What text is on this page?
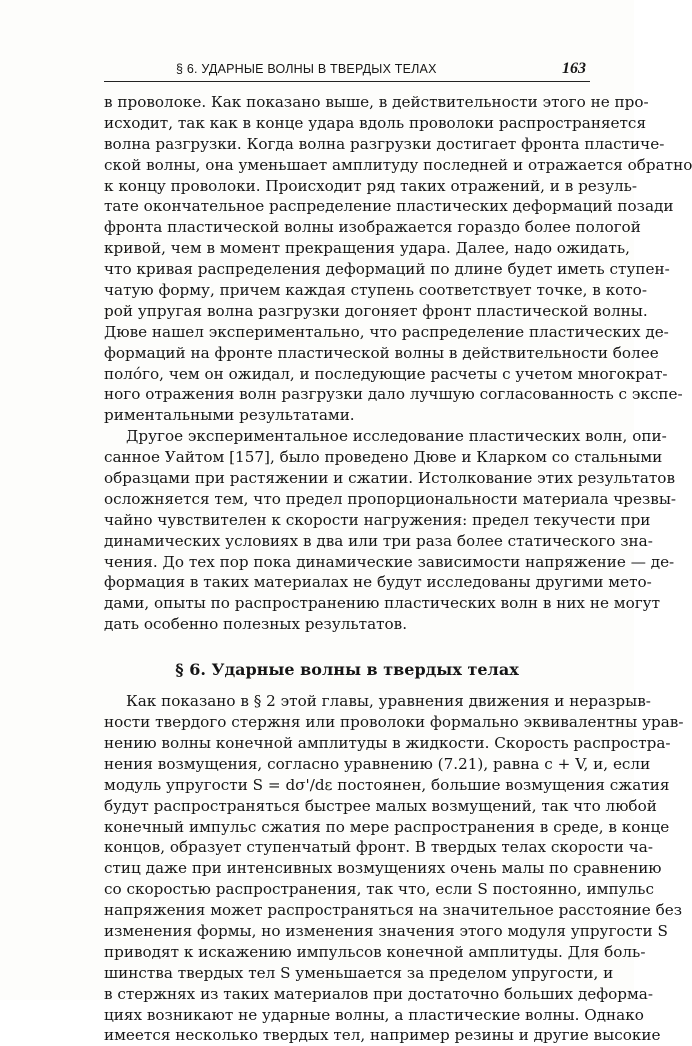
§ 6. УДАРНЫЕ ВОЛНЫ В ТВЕРДЫХ ТЕЛАХ	163
в проволоке. Как показано выше, в действительности этого не про-
исходит, так как в конце удара вдоль проволоки распространяется
волна разгрузки. Когда волна разгрузки достигает фронта пластиче-
ской волны, она уменьшает амплитуду последней и отражается обратно
к концу проволоки. Происходит ряд таких отражений, и в резуль-
тате окончательное распределение пластических деформаций позади
фронта пластической волны изображается гораздо более пологой
кривой, чем в момент прекращения удара. Далее, надо ожидать,
что кривая распределения деформаций по длине будет иметь ступен-
чатую форму, причем каждая ступень соответствует точке, в кото-
рой упругая волна разгрузки догоняет фронт пластической волны.
Дюве нашел экспериментально, что распределение пластических де-
формаций на фронте пластической волны в действительности более
поло́го, чем он ожидал, и последующие расчеты с учетом многократ-
ного отражения волн разгрузки дало лучшую согласованность с экспе-
риментальными результатами.
Другое экспериментальное исследование пластических волн, опи-
санное Уайтом [157], было проведено Дюве и Кларком со стальными
образцами при растяжении и сжатии. Истолкование этих результатов
осложняется тем, что предел пропорциональности материала чрезвы-
чайно чувствителен к скорости нагружения: предел текучести при
динамических условиях в два или три раза более статического зна-
чения. До тех пор пока динамические зависимости напряжение — де-
формация в таких материалах не будут исследованы другими мето-
дами, опыты по распространению пластических волн в них не могут
дать особенно полезных результатов.
§ 6. Ударные волны в твердых телах
Как показано в § 2 этой главы, уравнения движения и неразрыв-
ности твердого стержня или проволоки формально эквивалентны урав-
нению волны конечной амплитуды в жидкости. Скорость распростра-
нения возмущения, согласно уравнению (7.21), равна c + V, и, если
модуль упругости S = dσ'/dε постоянен, большие возмущения сжатия
будут распространяться быстрее малых возмущений, так что любой
конечный импульс сжатия по мере распространения в среде, в конце
концов, образует ступенчатый фронт. В твердых телах скорости ча-
стиц даже при интенсивных возмущениях очень малы по сравнению
со скоростью распространения, так что, если S постоянно, импульс
напряжения может распространяться на значительное расстояние без
изменения формы, но изменения значения этого модуля упругости S
приводят к искажению импульсов конечной амплитуды. Для боль-
шинства твердых тел S уменьшается за пределом упругости, и
в стержнях из таких материалов при достаточно больших деформа-
циях возникают не ударные волны, а пластические волны. Однако
имеется несколько твердых тел, например резины и другие высокие
